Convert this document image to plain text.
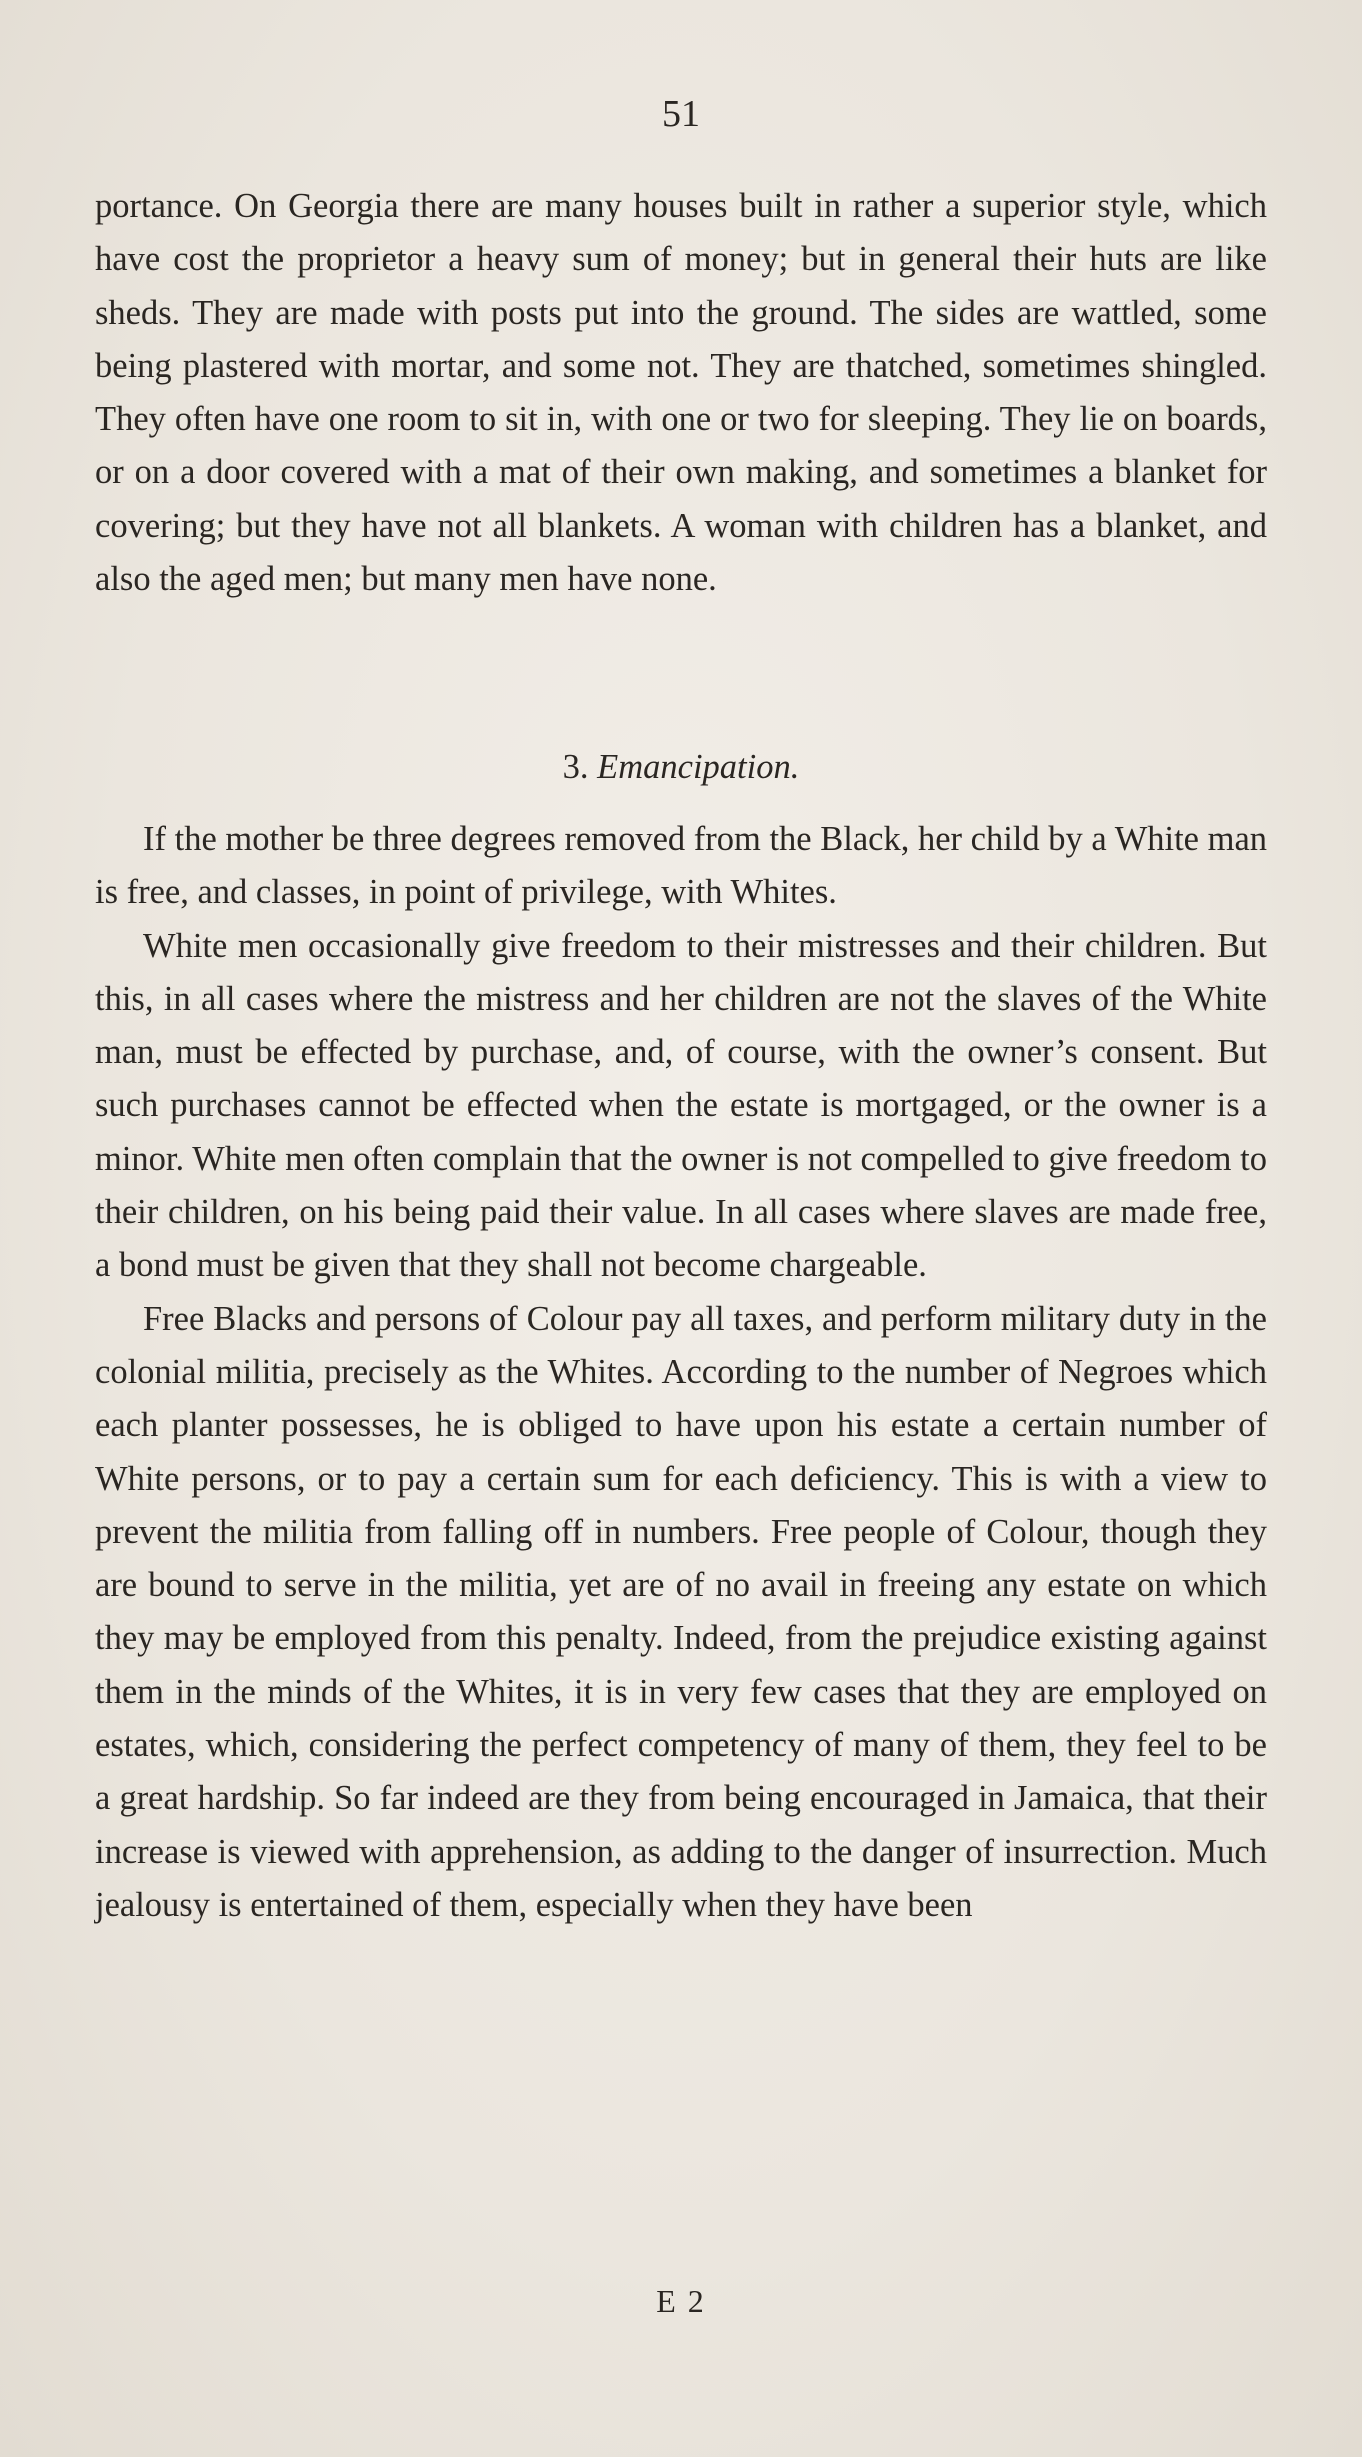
51

portance. On Georgia there are many houses built in rather a superior style, which have cost the proprietor a heavy sum of money; but in general their huts are like sheds. They are made with posts put into the ground. The sides are wattled, some being plastered with mortar, and some not. They are thatched, sometimes shingled. They often have one room to sit in, with one or two for sleeping. They lie on boards, or on a door covered with a mat of their own making, and sometimes a blanket for covering; but they have not all blankets. A woman with children has a blanket, and also the aged men; but many men have none.

3. Emancipation.

If the mother be three degrees removed from the Black, her child by a White man is free, and classes, in point of privilege, with Whites.

White men occasionally give freedom to their mistresses and their children. But this, in all cases where the mistress and her children are not the slaves of the White man, must be effected by purchase, and, of course, with the owner’s consent. But such purchases cannot be effected when the estate is mortgaged, or the owner is a minor. White men often complain that the owner is not compelled to give freedom to their children, on his being paid their value. In all cases where slaves are made free, a bond must be given that they shall not become chargeable.

Free Blacks and persons of Colour pay all taxes, and perform military duty in the colonial militia, precisely as the Whites. According to the number of Negroes which each planter possesses, he is obliged to have upon his estate a certain number of White persons, or to pay a certain sum for each deficiency. This is with a view to prevent the militia from falling off in numbers. Free people of Colour, though they are bound to serve in the militia, yet are of no avail in freeing any estate on which they may be employed from this penalty. Indeed, from the prejudice existing against them in the minds of the Whites, it is in very few cases that they are employed on estates, which, considering the perfect competency of many of them, they feel to be a great hardship. So far indeed are they from being encouraged in Jamaica, that their increase is viewed with apprehension, as adding to the danger of insurrection. Much jealousy is entertained of them, especially when they have been

E 2
